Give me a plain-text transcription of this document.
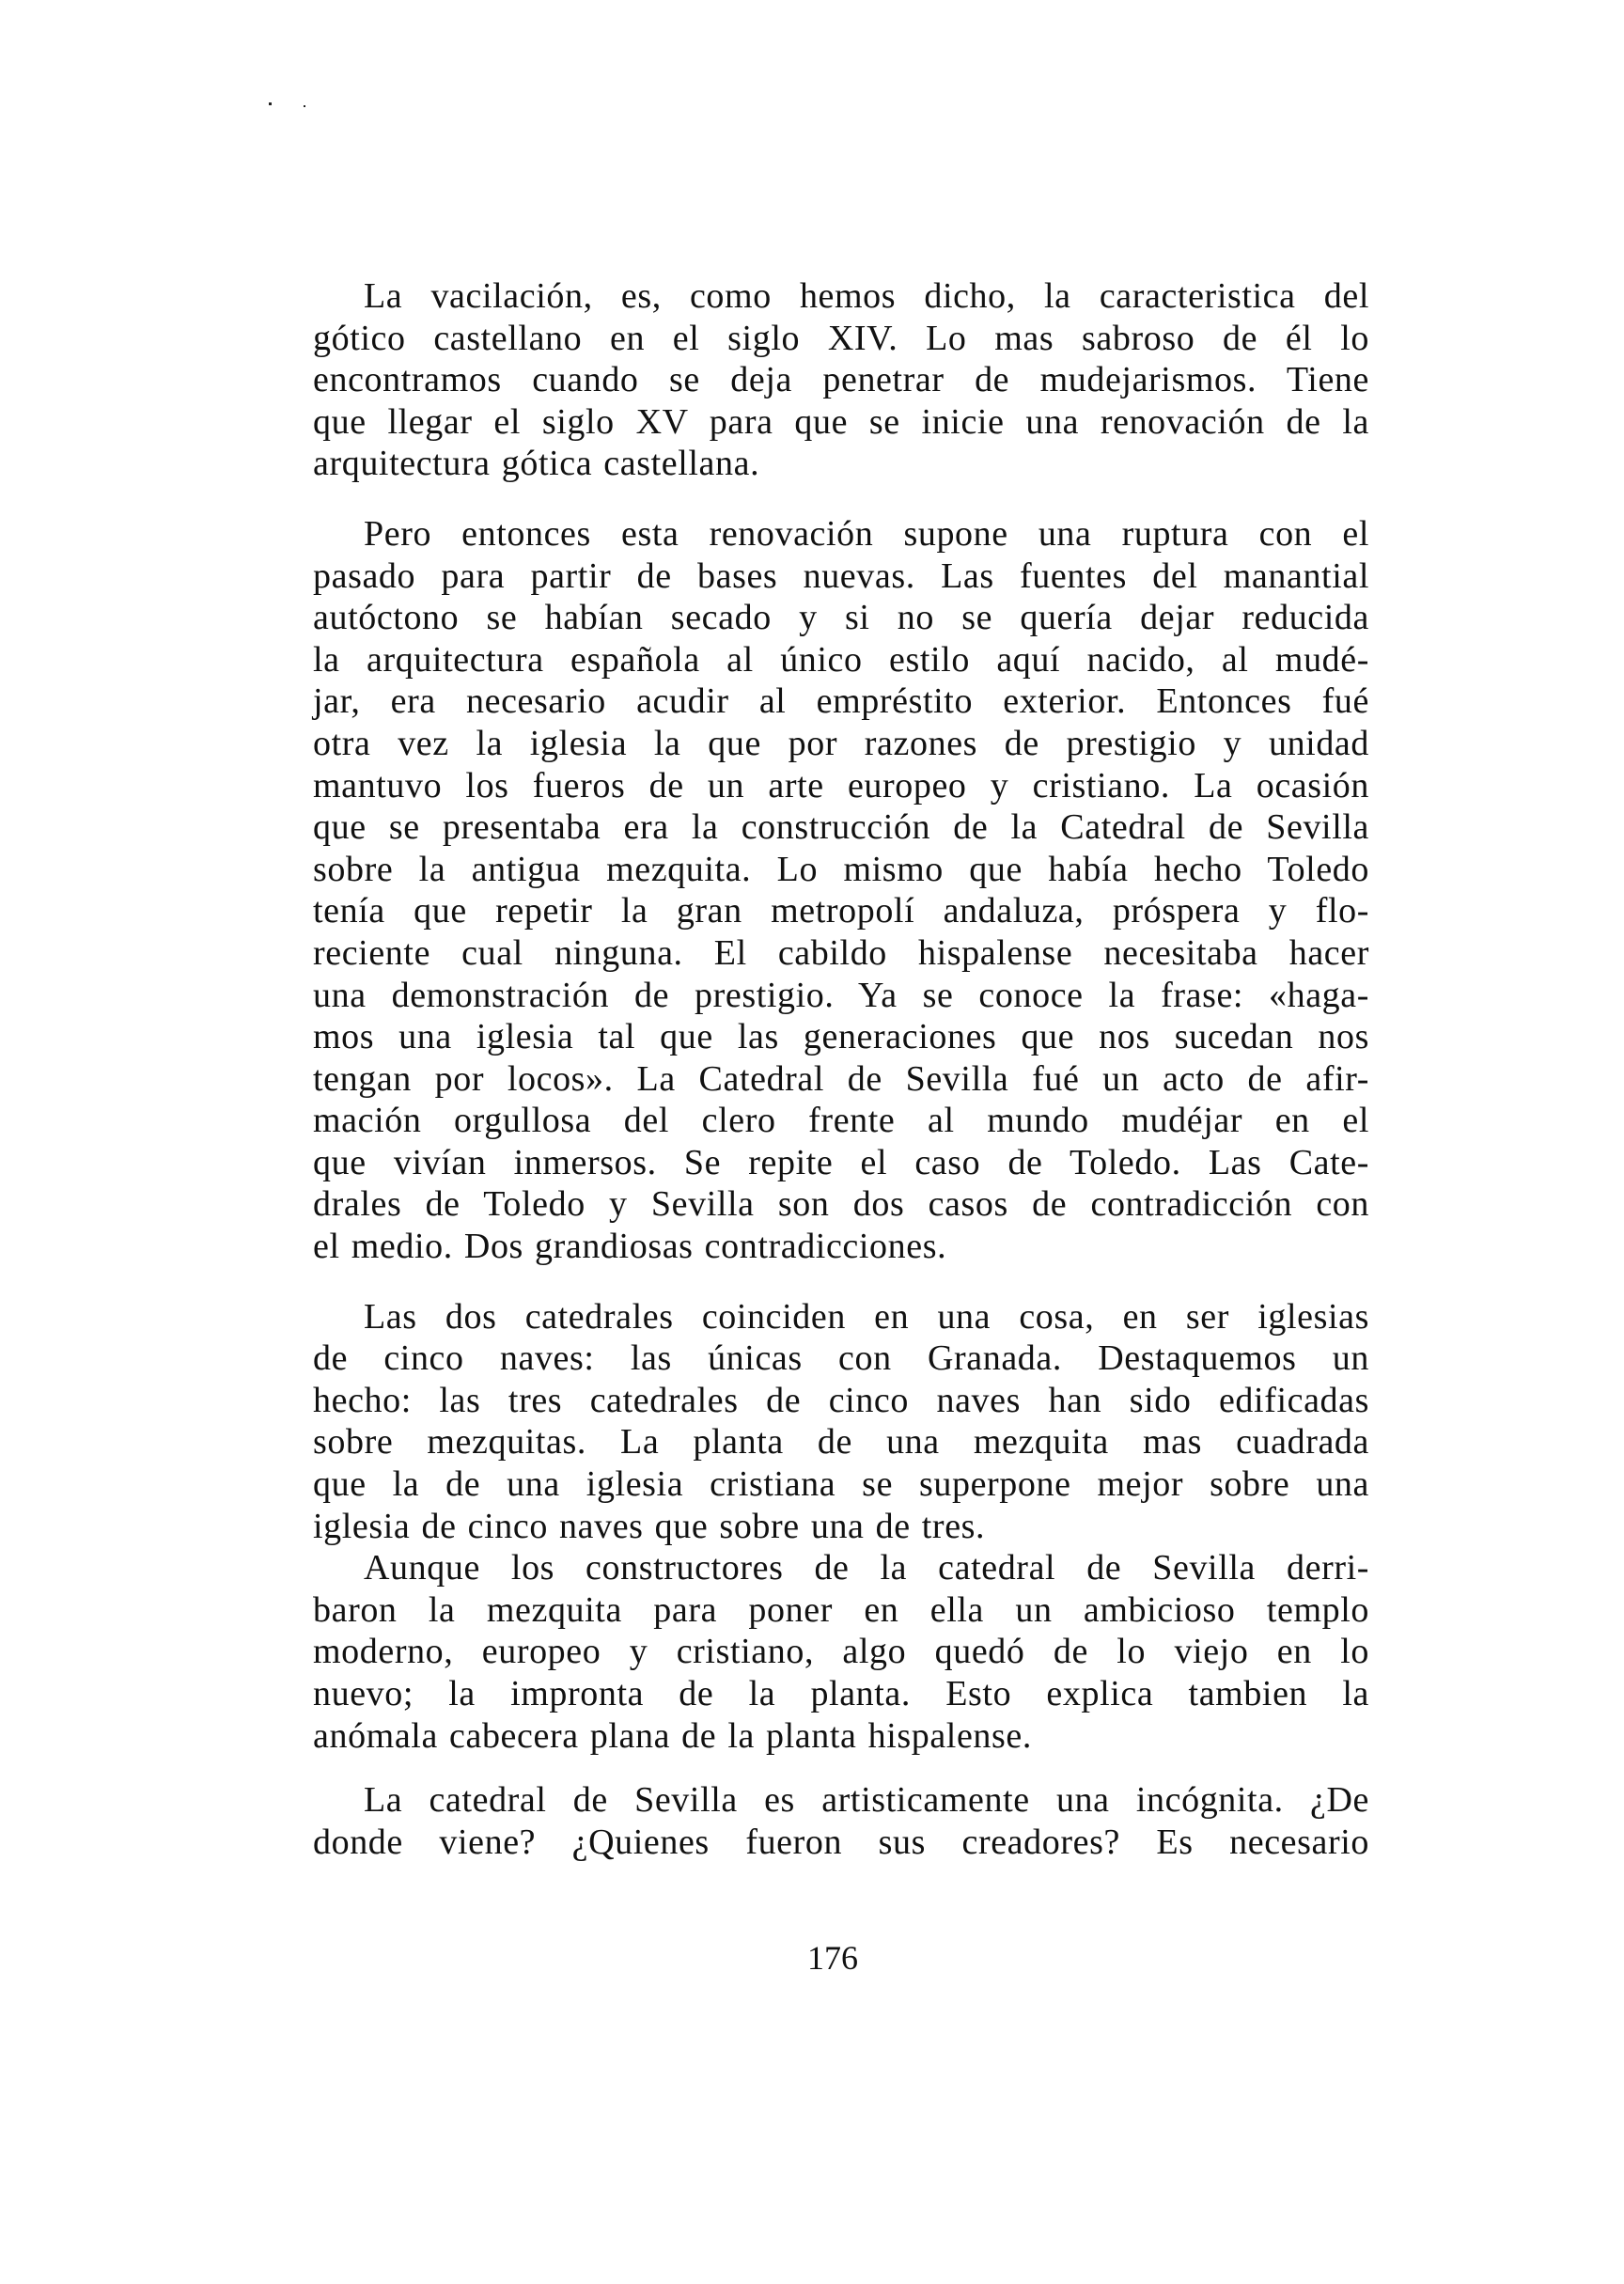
La vacilación, es, como hemos dicho, la caracteristica del
gótico castellano en el siglo XIV. Lo mas sabroso de él lo
encontramos cuando se deja penetrar de mudejarismos. Tiene
que llegar el siglo XV para que se inicie una renovación de la
arquitectura gótica castellana.
Pero entonces esta renovación supone una ruptura con el
pasado para partir de bases nuevas. Las fuentes del manantial
autóctono se habían secado y si no se quería dejar reducida
la arquitectura española al único estilo aquí nacido, al mudé-
jar, era necesario acudir al empréstito exterior. Entonces fué
otra vez la iglesia la que por razones de prestigio y unidad
mantuvo los fueros de un arte europeo y cristiano. La ocasión
que se presentaba era la construcción de la Catedral de Sevilla
sobre la antigua mezquita. Lo mismo que había hecho Toledo
tenía que repetir la gran metropolí andaluza, próspera y flo-
reciente cual ninguna. El cabildo hispalense necesitaba hacer
una demonstración de prestigio. Ya se conoce la frase: «haga-
mos una iglesia tal que las generaciones que nos sucedan nos
tengan por locos». La Catedral de Sevilla fué un acto de afir-
mación orgullosa del clero frente al mundo mudéjar en el
que vivían inmersos. Se repite el caso de Toledo. Las Cate-
drales de Toledo y Sevilla son dos casos de contradicción con
el medio. Dos grandiosas contradicciones.
Las dos catedrales coinciden en una cosa, en ser iglesias
de cinco naves: las únicas con Granada. Destaquemos un
hecho: las tres catedrales de cinco naves han sido edificadas
sobre mezquitas. La planta de una mezquita mas cuadrada
que la de una iglesia cristiana se superpone mejor sobre una
iglesia de cinco naves que sobre una de tres.
Aunque los constructores de la catedral de Sevilla derri-
baron la mezquita para poner en ella un ambicioso templo
moderno, europeo y cristiano, algo quedó de lo viejo en lo
nuevo; la impronta de la planta. Esto explica tambien la
anómala cabecera plana de la planta hispalense.
La catedral de Sevilla es artisticamente una incógnita. ¿De
donde viene? ¿Quienes fueron sus creadores? Es necesario
176
